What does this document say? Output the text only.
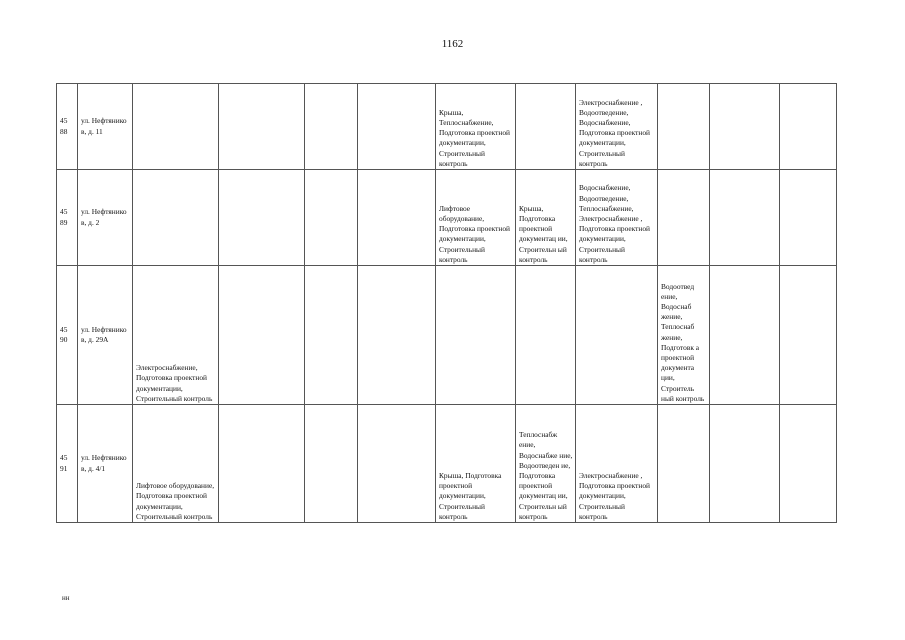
1162
45 88	ул. Нефтянико в, д. 11					Крыша, Теплоснабжение, Подготовка проектной документации, Строительный контроль		Электроснабжение , Водоотведение, Водоснабжение, Подготовка проектной документации, Строительный контроль			
45 89	ул. Нефтянико в, д. 2					Лифтовое оборудование, Подготовка проектной документации, Строительный контроль	Крыша, Подготовка проектной документац ии, Строительн ый контроль	Водоснабжение, Водоотведение, Теплоснабжение, Электроснабжение , Подготовка проектной документации, Строительный контроль			
45 90	ул. Нефтянико в, д. 29А	Электроснабжение, Подготовка проектной документации, Строительный контроль							Водоотвед ение, Водоснаб жение, Теплоснаб жение, Подготовк а проектной документа ции, Строитель ный контроль		
45 91	ул. Нефтянико в, д. 4/1	Лифтовое оборудование, Подготовка проектной документации, Строительный контроль				Крыша, Подготовка проектной документации, Строительный контроль	Теплоснабж ение, Водоснабже ние, Водоотведен ие, Подготовка проектной документац ии, Строительн ый контроль	Электроснабжение , Подготовка проектной документации, Строительный контроль			
нн
